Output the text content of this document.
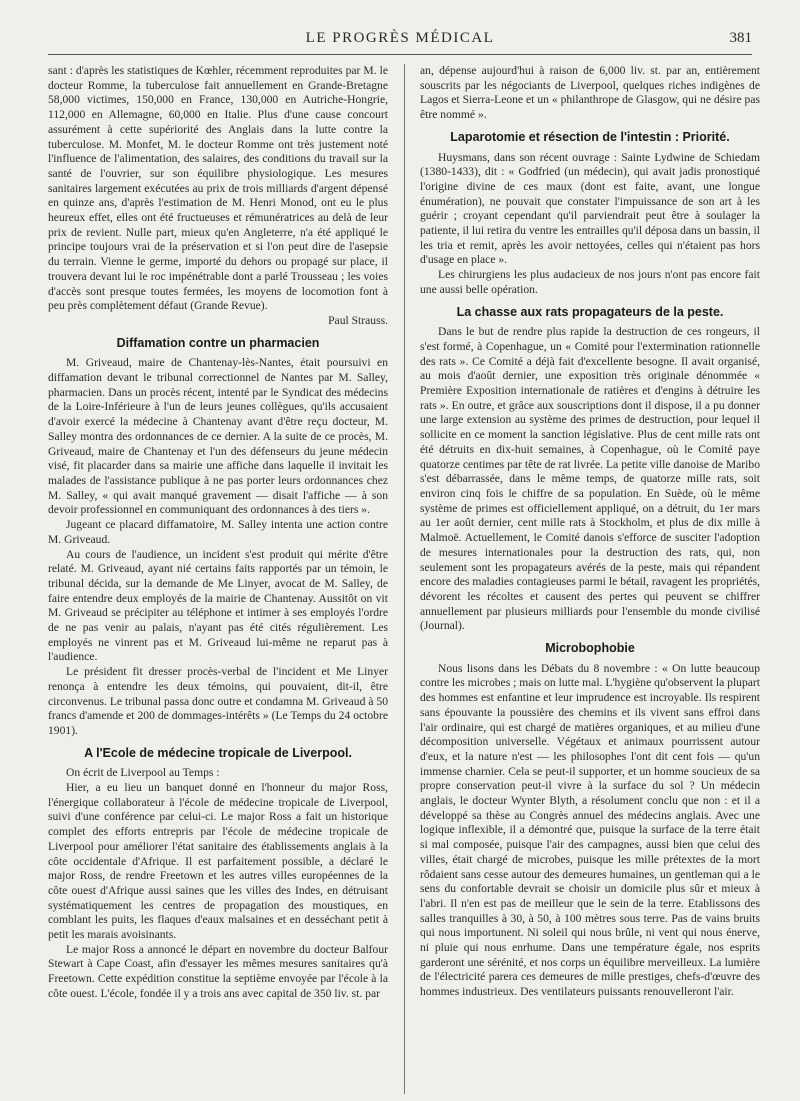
LE PROGRÈS MÉDICAL	381

sant : d'après les statistiques de Kœhler, récemment reproduites par M. le docteur Romme, la tuberculose fait annuellement en Grande-Bretagne 58,000 victimes, 150,000 en France, 130,000 en Autriche-Hongrie, 112,000 en Allemagne, 60,000 en Italie. Plus d'une cause concourt assurément à cette supériorité des Anglais dans la lutte contre la tuberculose. M. Monfet, M. le docteur Romme ont très justement noté l'influence de l'alimentation, des salaires, des conditions du travail sur la santé de l'ouvrier, sur son équilibre physiologique. Les mesures sanitaires largement exécutées au prix de trois milliards d'argent dépensé en quinze ans, d'après l'estimation de M. Henri Monod, ont eu le plus heureux effet, elles ont été fructueuses et rémunératrices au delà de leur prix de revient. Nulle part, mieux qu'en Angleterre, n'a été appliqué le principe toujours vrai de la préservation et si l'on peut dire de l'asepsie du terrain. Vienne le germe, importé du dehors ou propagé sur place, il trouvera devant lui le roc impénétrable dont a parlé Trousseau ; les voies d'accès sont presque toutes fermées, les moyens de locomotion font à peu près complètement défaut (Grande Revue).

Paul Strauss.
Diffamation contre un pharmacien

M. Griveaud, maire de Chantenay-lès-Nantes, était poursuivi en diffamation devant le tribunal correctionnel de Nantes par M. Salley, pharmacien. Dans un procès récent, intenté par le Syndicat des médecins de la Loire-Inférieure à l'un de leurs jeunes collègues, qu'ils accusaient d'avoir exercé la médecine à Chantenay avant d'être reçu docteur, M. Salley montra des ordonnances de ce dernier. A la suite de ce procès, M. Griveaud, maire de Chantenay et l'un des défenseurs du jeune médecin visé, fit placarder dans sa mairie une affiche dans laquelle il invitait les malades de l'assistance publique à ne pas porter leurs ordonnances chez M. Salley, « qui avait manqué gravement — disait l'affiche — à son devoir professionnel en communiquant des ordonnances à des tiers ».

Jugeant ce placard diffamatoire, M. Salley intenta une action contre M. Griveaud.

Au cours de l'audience, un incident s'est produit qui mérite d'être relaté. M. Griveaud, ayant nié certains faits rapportés par un témoin, le tribunal décida, sur la demande de Me Linyer, avocat de M. Salley, de faire entendre deux employés de la mairie de Chantenay. Aussitôt on vit M. Griveaud se précipiter au téléphone et intimer à ses employés l'ordre de ne pas venir au palais, n'ayant pas été cités régulièrement. Les employés ne vinrent pas et M. Griveaud lui-même ne reparut pas à l'audience.

Le président fit dresser procès-verbal de l'incident et Me Linyer renonça à entendre les deux témoins, qui pouvaient, dit-il, être circonvenus. Le tribunal passa donc outre et condamna M. Griveaud à 50 francs d'amende et 200 de dommages-intérêts » (Le Temps du 24 octobre 1901).

A l'Ecole de médecine tropicale de Liverpool.

On écrit de Liverpool au Temps :

Hier, a eu lieu un banquet donné en l'honneur du major Ross, l'énergique collaborateur à l'école de médecine tropicale de Liverpool, suivi d'une conférence par celui-ci. Le major Ross a fait un historique complet des efforts entrepris par l'école de médecine tropicale de Liverpool pour améliorer l'état sanitaire des établissements anglais à la côte occidentale d'Afrique. Il est parfaitement possible, a déclaré le major Ross, de rendre Freetown et les autres villes européennes de la côte ouest d'Afrique aussi saines que les villes des Indes, en détruisant systématiquement les centres de propagation des moustiques, en comblant les puits, les flaques d'eaux malsaines et en desséchant petit à petit les marais avoisinants.

Le major Ross a annoncé le départ en novembre du docteur Balfour Stewart à Cape Coast, afin d'essayer les mêmes mesures sanitaires qu'à Freetown. Cette expédition constitue la septième envoyée par l'école à la côte ouest. L'école, fondée il y a trois ans avec capital de 350 liv. st. par

an, dépense aujourd'hui à raison de 6,000 liv. st. par an, entièrement souscrits par les négociants de Liverpool, quelques riches indigènes de Lagos et Sierra-Leone et un « philanthrope de Glasgow, qui ne désire pas être nommé ».

Laparotomie et résection de l'intestin : Priorité.

Huysmans, dans son récent ouvrage : Sainte Lydwine de Schiedam (1380-1433), dit : « Godfried (un médecin), qui avait jadis pronostiqué l'origine divine de ces maux (dont est faite, avant, une longue énumération), ne pouvait que constater l'impuissance de son art à les guérir ; croyant cependant qu'il parviendrait peut être à soulager la patiente, il lui retira du ventre les entrailles qu'il déposa dans un bassin, il les tria et remit, après les avoir nettoyées, celles qui n'étaient pas hors d'usage en place ».

Les chirurgiens les plus audacieux de nos jours n'ont pas encore fait une aussi belle opération.

La chasse aux rats propagateurs de la peste.

Dans le but de rendre plus rapide la destruction de ces rongeurs, il s'est formé, à Copenhague, un « Comité pour l'extermination rationnelle des rats ». Ce Comité a déjà fait d'excellente besogne. Il avait organisé, au mois d'août dernier, une exposition très originale dénommée « Première Exposition internationale de ratières et d'engins à détruire les rats ». En outre, et grâce aux souscriptions dont il dispose, il a pu donner une large extension au système des primes de destruction, pour lequel il sollicite en ce moment la sanction législative. Plus de cent mille rats ont été détruits en dix-huit semaines, à Copenhague, où le Comité paye quatorze centimes par tête de rat livrée. La petite ville danoise de Maribo s'est débarrassée, dans le même temps, de quatorze mille rats, soit environ cinq fois le chiffre de sa population. En Suède, où le même système de primes est officiellement appliqué, on a détruit, du 1er mars au 1er août dernier, cent mille rats à Stockholm, et plus de dix mille à Malmoë. Actuellement, le Comité danois s'efforce de susciter l'adoption de mesures internationales pour la destruction des rats, qui, non seulement sont les propagateurs avérés de la peste, mais qui répandent encore des maladies contagieuses parmi le bétail, ravagent les propriétés, dévorent les récoltes et causent des pertes qui peuvent se chiffrer annuellement par plusieurs milliards pour l'ensemble du monde civilisé (Journal).

Microbophobie

Nous lisons dans les Débats du 8 novembre : « On lutte beaucoup contre les microbes ; mais on lutte mal. L'hygiène qu'observent la plupart des hommes est enfantine et leur imprudence est incroyable. Ils respirent sans épouvante la poussière des chemins et ils vivent sans effroi dans l'air ordinaire, qui est chargé de matières organiques, et au milieu d'une décomposition universelle. Végétaux et animaux pourrissent autour d'eux, et la nature n'est — les philosophes l'ont dit cent fois — qu'un immense charnier. Cela se peut-il supporter, et un homme soucieux de sa propre conservation peut-il vivre à la surface du sol ? Un médecin anglais, le docteur Wynter Blyth, a résolument conclu que non : et il a développé sa thèse au Congrès annuel des médecins anglais. Avec une logique inflexible, il a démontré que, puisque la surface de la terre était si mal composée, puisque l'air des campagnes, aussi bien que celui des villes, était chargé de microbes, puisque les mille prétextes de la mort rôdaient sans cesse autour des demeures humaines, un gentleman qui a le sens du confortable devrait se choisir un domicile plus sûr et mieux à l'abri. Il n'en est pas de meilleur que le sein de la terre. Etablissons des salles tranquilles à 30, à 50, à 100 mètres sous terre. Pas de vains bruits qui nous importunent. Ni soleil qui nous brûle, ni vent qui nous énerve, ni pluie qui nous enrhume. Dans une température égale, nos esprits garderont une sérénité, et nos corps un équilibre merveilleux. La lumière de l'électricité parera ces demeures de mille prestiges, chefs-d'œuvre des hommes industrieux. Des ventilateurs puissants renouvelleront l'air.
